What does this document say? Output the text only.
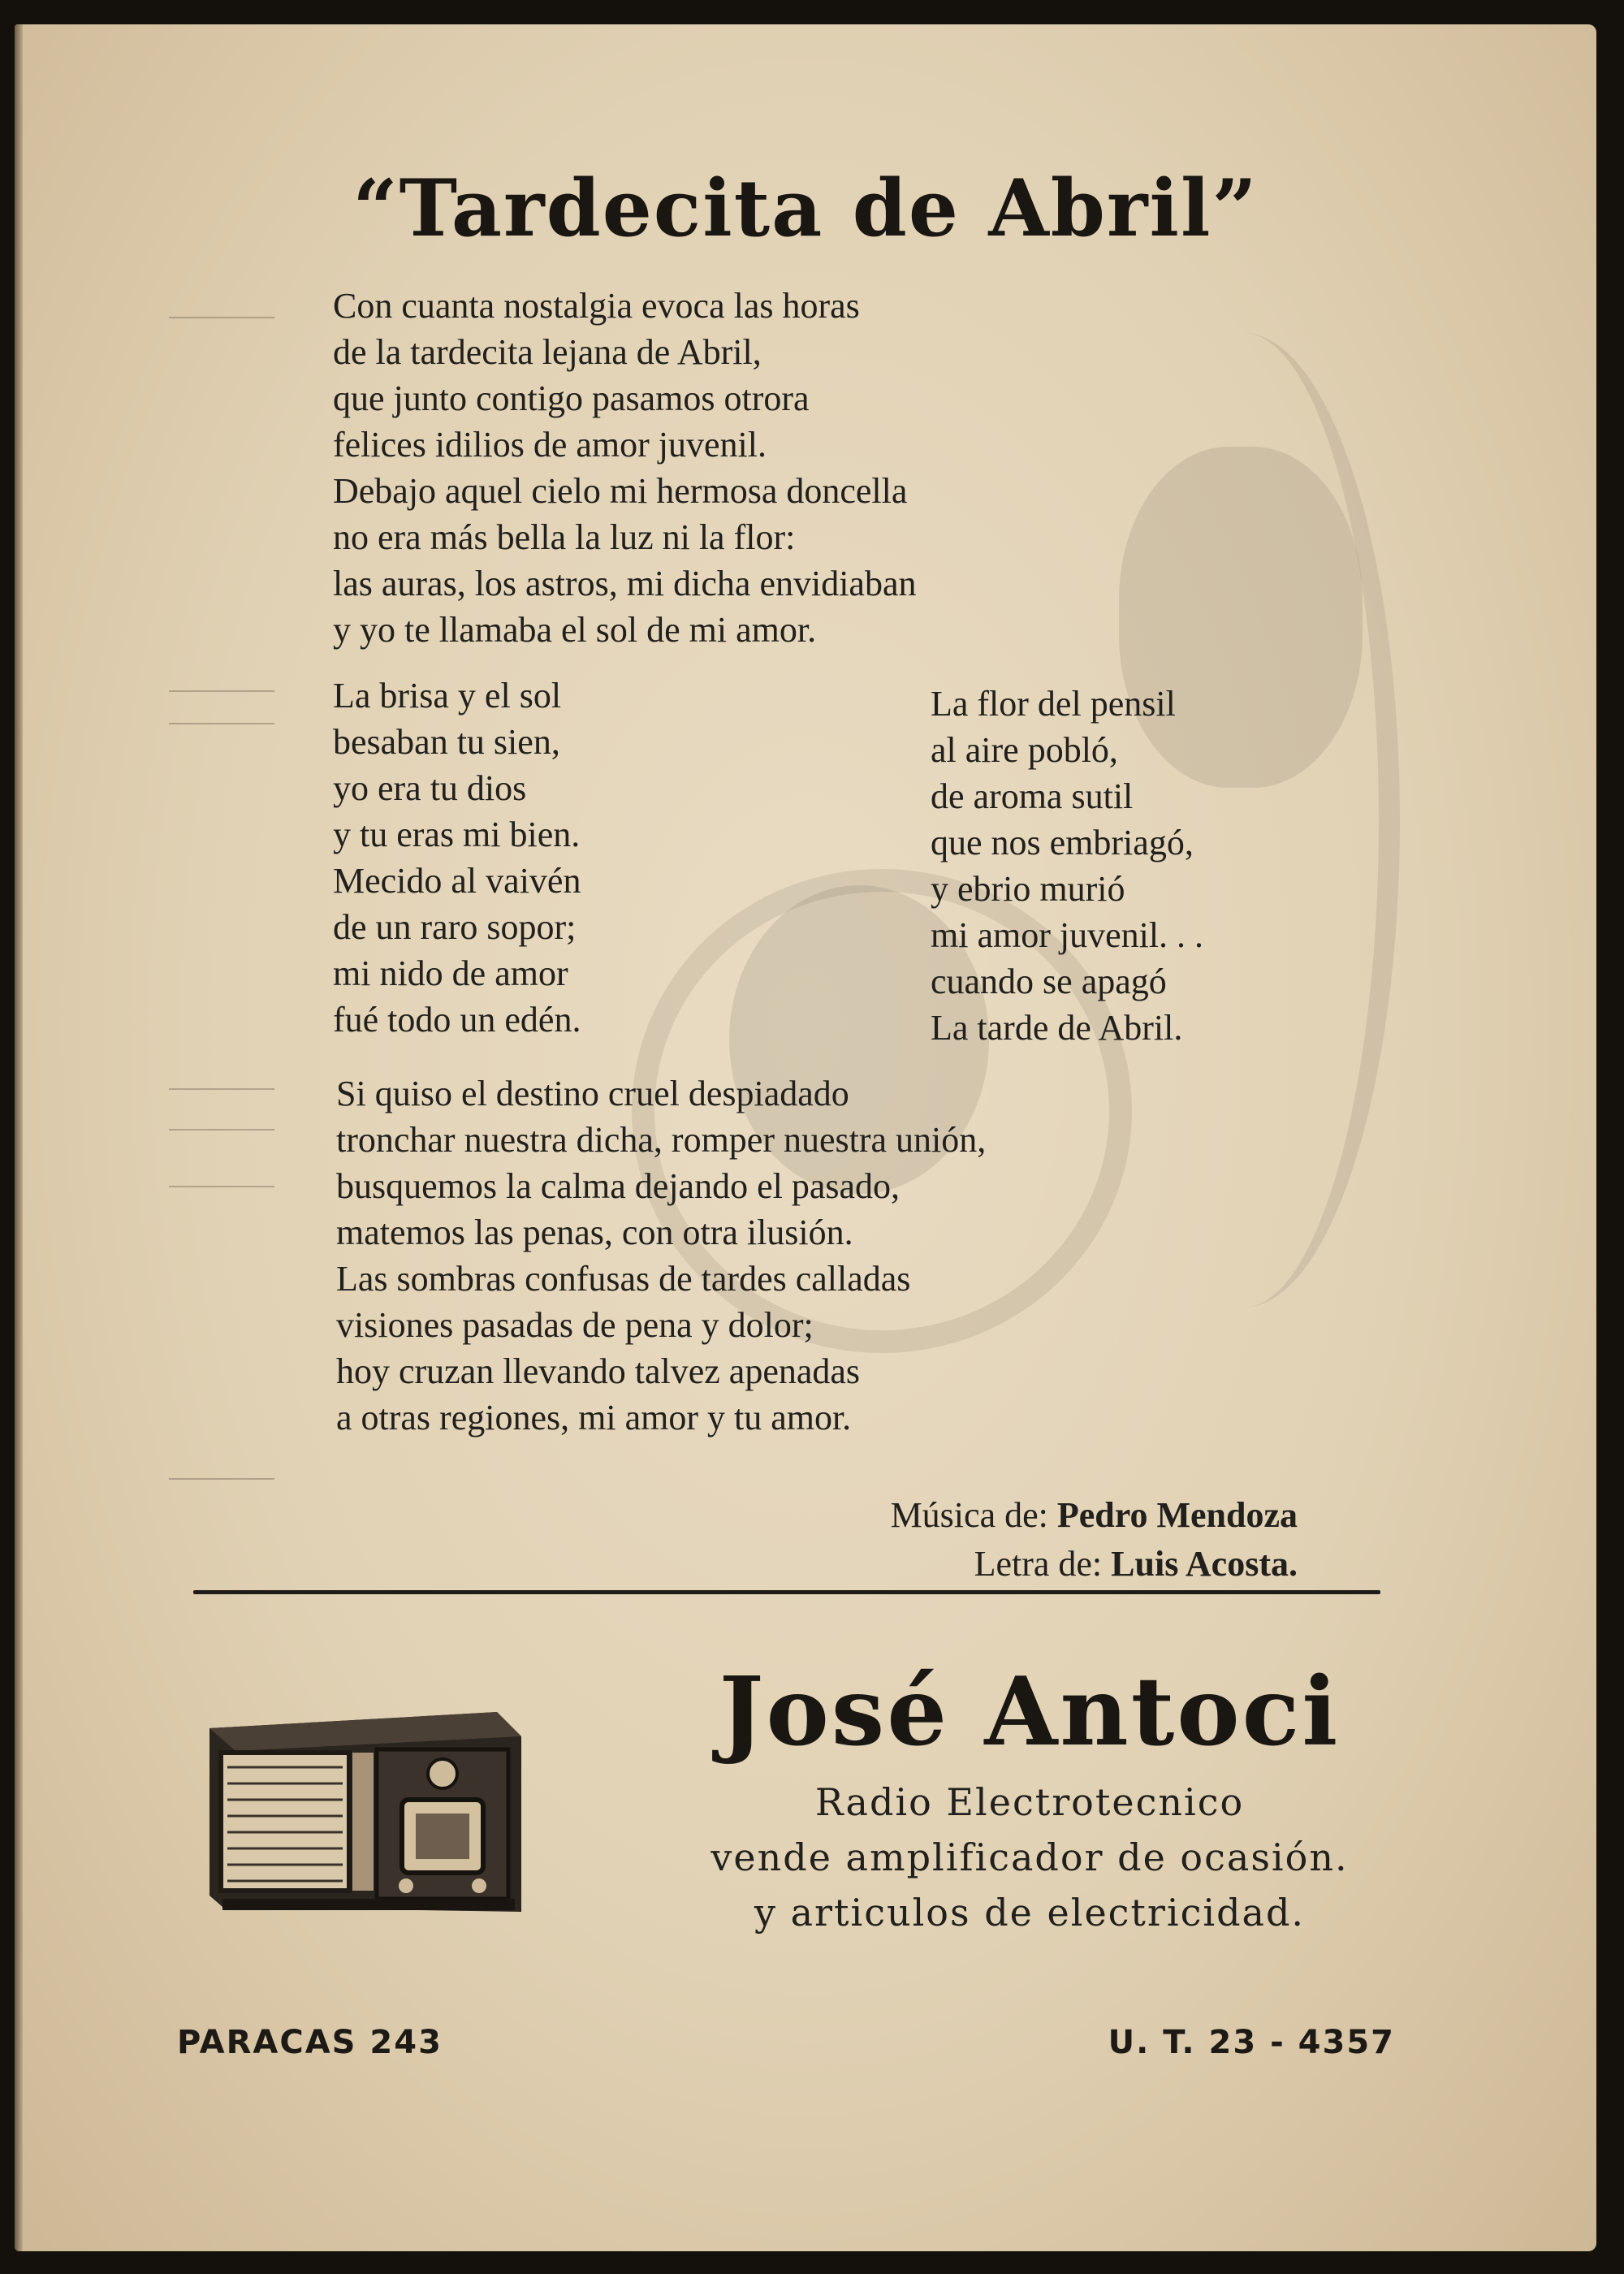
“Tardecita de Abril”
Con cuanta nostalgia evoca las horas
de la tardecita lejana de Abril,
que junto contigo pasamos otrora
felices idilios de amor juvenil.
Debajo aquel cielo mi hermosa doncella
no era más bella la luz ni la flor:
las auras, los astros, mi dicha envidiaban
y yo te llamaba el sol de mi amor.
La brisa y el sol
besaban tu sien,
yo era tu dios
y tu eras mi bien.
Mecido al vaivén
de un raro sopor;
mi nido de amor
fué todo un edén.
La flor del pensil
al aire pobló,
de aroma sutil
que nos embriagó,
y ebrio murió
mi amor juvenil. . .
cuando se apagó
La tarde de Abril.
Si quiso el destino cruel despiadado
tronchar nuestra dicha, romper nuestra unión,
busquemos la calma dejando el pasado,
matemos las penas, con otra ilusión.
Las sombras confusas de tardes calladas
visiones pasadas de pena y dolor;
hoy cruzan llevando talvez apenadas
a otras regiones, mi amor y tu amor.
Música de: Pedro Mendoza
Letra de: Luis Acosta.
José Antoci
Radio Electrotecnico
vende amplificador de ocasión.
y articulos de electricidad.
PARACAS 243	U. T. 23 - 4357
